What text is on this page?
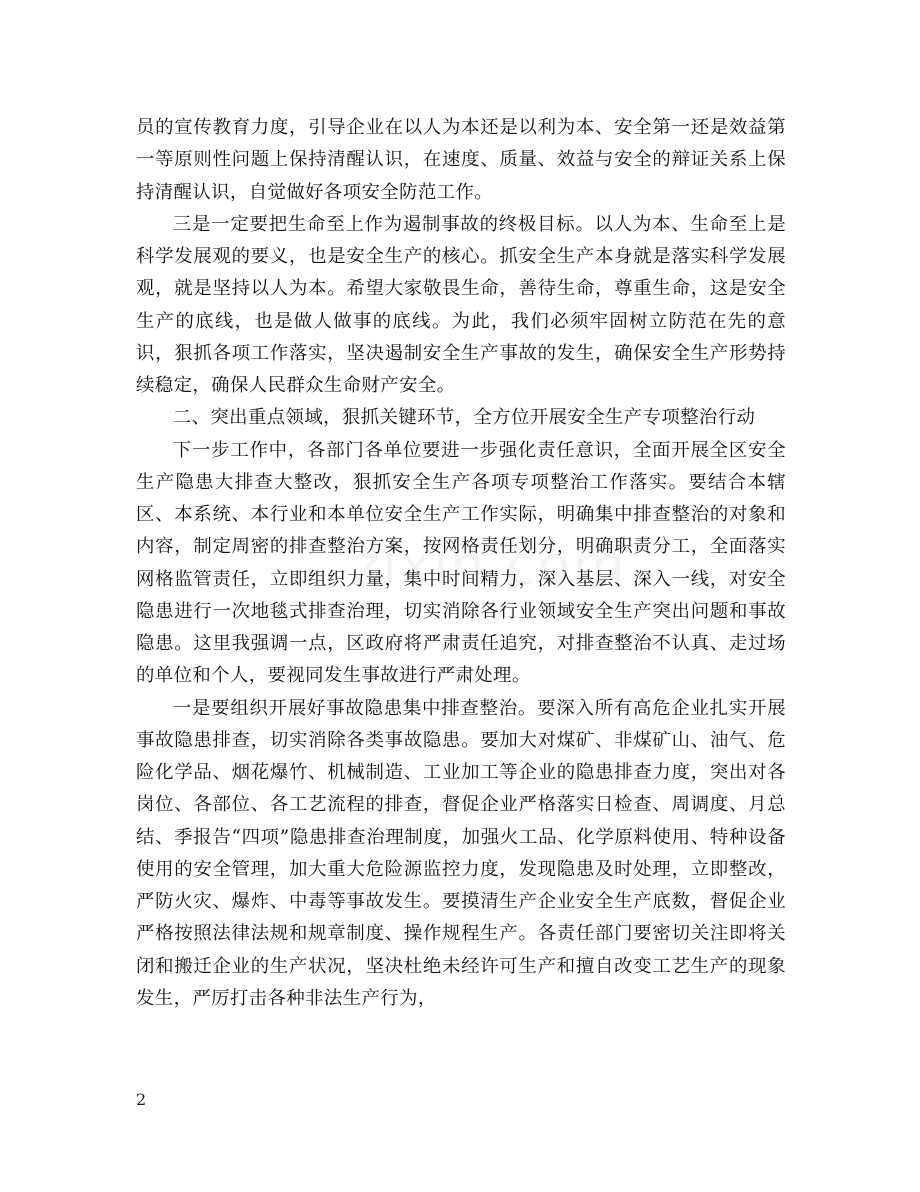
员的宣传教育力度，引导企业在以人为本还是以利为本、安全第一还是效益第一等原则性问题上保持清醒认识，在速度、质量、效益与安全的辩证关系上保持清醒认识，自觉做好各项安全防范工作。

三是一定要把生命至上作为遏制事故的终极目标。以人为本、生命至上是科学发展观的要义，也是安全生产的核心。抓安全生产本身就是落实科学发展观，就是坚持以人为本。希望大家敬畏生命，善待生命，尊重生命，这是安全生产的底线，也是做人做事的底线。为此，我们必须牢固树立防范在先的意识，狠抓各项工作落实，坚决遏制安全生产事故的发生，确保安全生产形势持续稳定，确保人民群众生命财产安全。

二、突出重点领域，狠抓关键环节，全方位开展安全生产专项整治行动

下一步工作中，各部门各单位要进一步强化责任意识，全面开展全区安全生产隐患大排查大整改，狠抓安全生产各项专项整治工作落实。要结合本辖区、本系统、本行业和本单位安全生产工作实际，明确集中排查整治的对象和内容，制定周密的排查整治方案，按网格责任划分，明确职责分工，全面落实网格监管责任，立即组织力量，集中时间精力，深入基层、深入一线，对安全隐患进行一次地毯式排查治理，切实消除各行业领域安全生产突出问题和事故隐患。这里我强调一点，区政府将严肃责任追究，对排查整治不认真、走过场的单位和个人，要视同发生事故进行严肃处理。

一是要组织开展好事故隐患集中排查整治。要深入所有高危企业扎实开展事故隐患排查，切实消除各类事故隐患。要加大对煤矿、非煤矿山、油气、危险化学品、烟花爆竹、机械制造、工业加工等企业的隐患排查力度，突出对各岗位、各部位、各工艺流程的排查，督促企业严格落实日检查、周调度、月总结、季报告“四项”隐患排查治理制度，加强火工品、化学原料使用、特种设备使用的安全管理，加大重大危险源监控力度，发现隐患及时处理，立即整改，严防火灾、爆炸、中毒等事故发生。要摸清生产企业安全生产底数，督促企业严格按照法律法规和规章制度、操作规程生产。各责任部门要密切关注即将关闭和搬迁企业的生产状况，坚决杜绝未经许可生产和擅自改变工艺生产的现象发生，严厉打击各种非法生产行为，

2
